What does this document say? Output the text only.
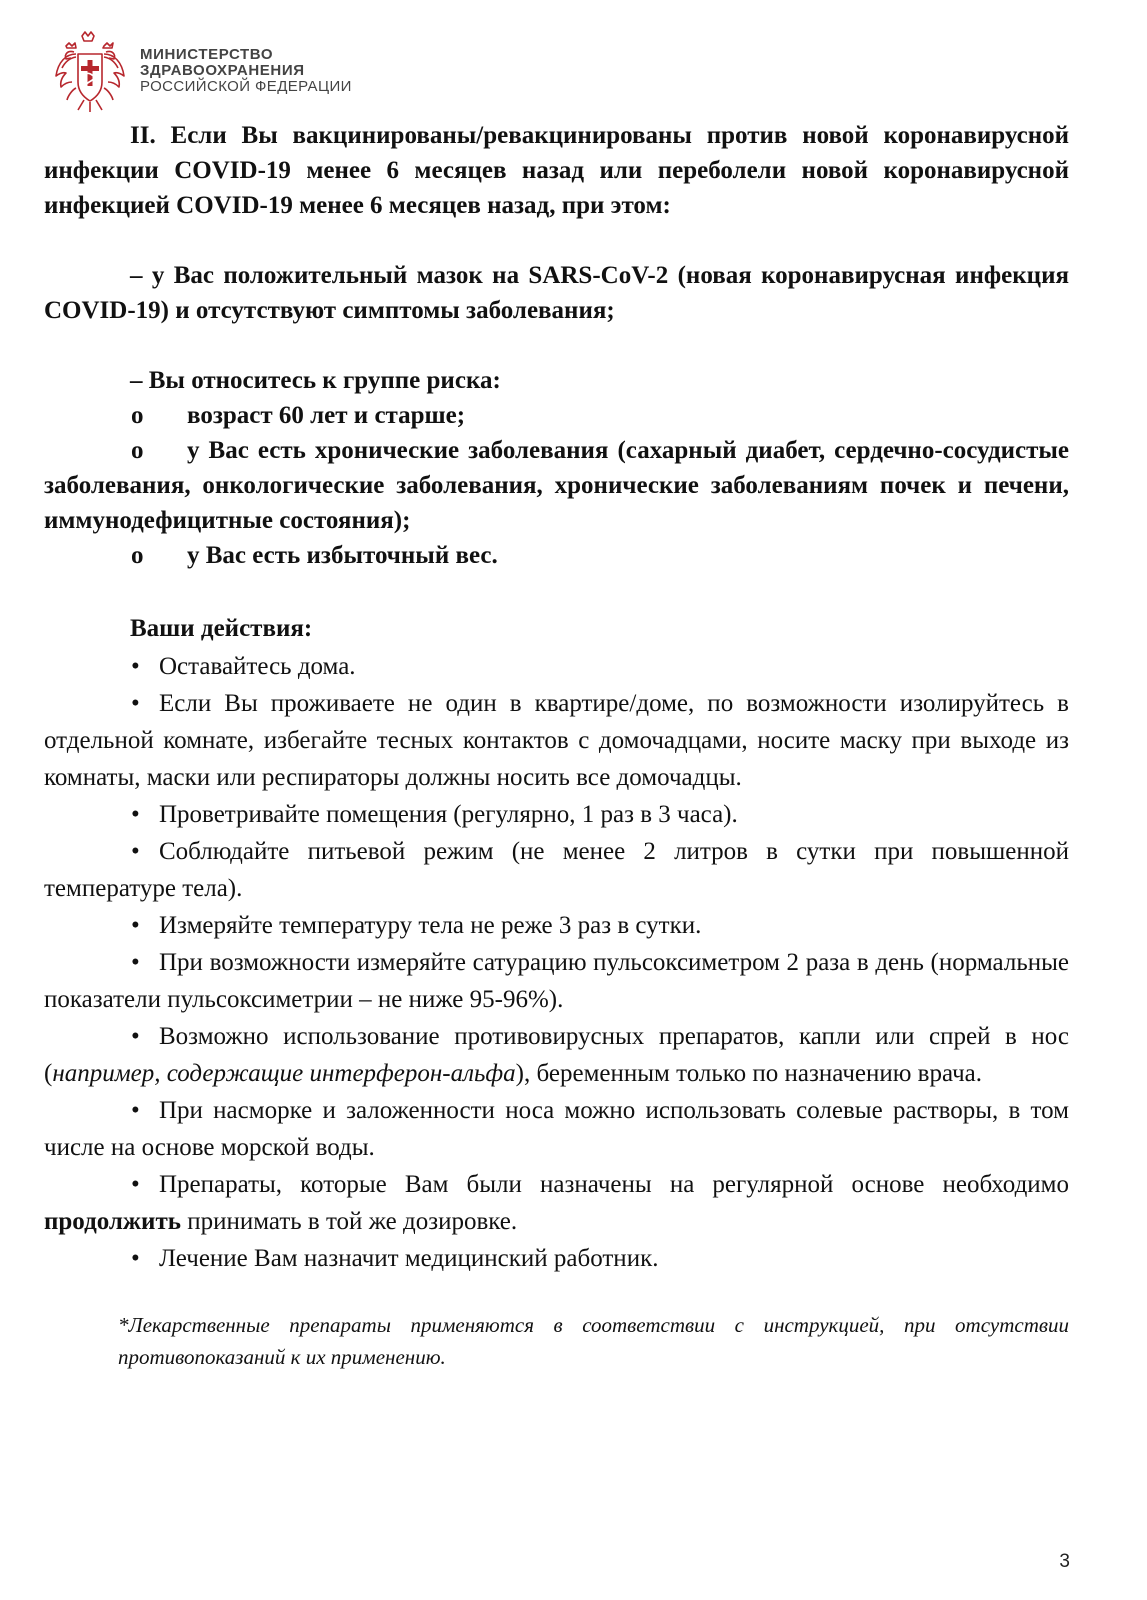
МИНИСТЕРСТВО
ЗДРАВООХРАНЕНИЯ
РОССИЙСКОЙ ФЕДЕРАЦИИ

II. Если Вы вакцинированы/ревакцинированы против новой коронавирусной инфекции COVID-19 менее 6 месяцев назад или переболели новой коронавирусной инфекцией COVID-19 менее 6 месяцев назад, при этом:

– у Вас положительный мазок на SARS-CoV-2 (новая коронавирусная инфекция COVID-19) и отсутствуют симптомы заболевания;

– Вы относитесь к группе риска:

o возраст 60 лет и старше;

o у Вас есть хронические заболевания (сахарный диабет, сердечно-сосудистые заболевания, онкологические заболевания, хронические заболеваниям почек и печени, иммунодефицитные состояния);

o у Вас есть избыточный вес.

Ваши действия:

• Оставайтесь дома.

• Если Вы проживаете не один в квартире/доме, по возможности изолируйтесь в отдельной комнате, избегайте тесных контактов с домочадцами, носите маску при выходе из комнаты, маски или респираторы должны носить все домочадцы.

• Проветривайте помещения (регулярно, 1 раз в 3 часа).

• Соблюдайте питьевой режим (не менее 2 литров в сутки при повышенной температуре тела).

• Измеряйте температуру тела не реже 3 раз в сутки.

• При возможности измеряйте сатурацию пульсоксиметром 2 раза в день (нормальные показатели пульсоксиметрии – не ниже 95-96%).

• Возможно использование противовирусных препаратов, капли или спрей в нос (например, содержащие интерферон-альфа), беременным только по назначению врача.

• При насморке и заложенности носа можно использовать солевые растворы, в том числе на основе морской воды.

• Препараты, которые Вам были назначены на регулярной основе необходимо продолжить принимать в той же дозировке.

• Лечение Вам назначит медицинский работник.

*Лекарственные препараты применяются в соответствии с инструкцией, при отсутствии противопоказаний к их применению.

3
